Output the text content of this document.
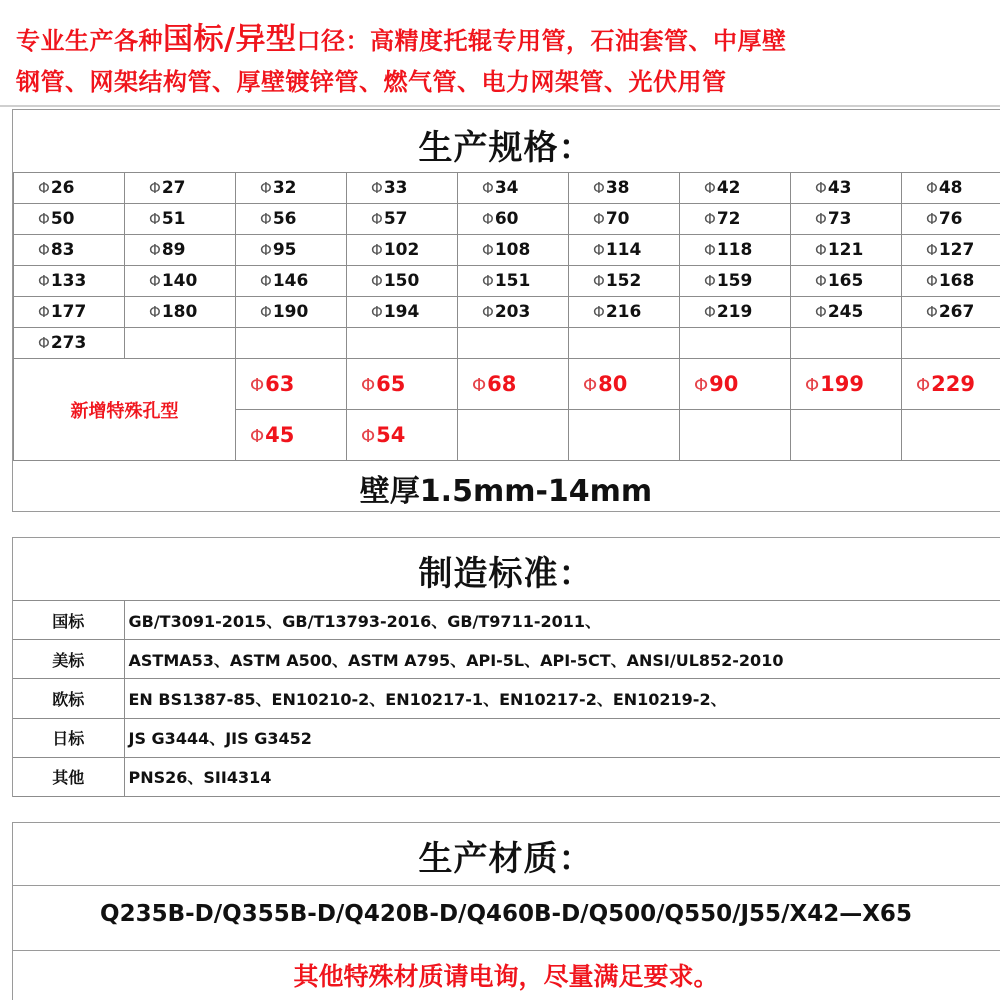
专业生产各种国标/异型口径：高精度托辊专用管，石油套管、中厚壁
钢管、网架结构管、厚壁镀锌管、燃气管、电力网架管、光伏用管
生产规格：
Φ26	Φ27	Φ32	Φ33	Φ34	Φ38	Φ42	Φ43	Φ48
Φ50	Φ51	Φ56	Φ57	Φ60	Φ70	Φ72	Φ73	Φ76
Φ83	Φ89	Φ95	Φ102	Φ108	Φ114	Φ118	Φ121	Φ127
Φ133	Φ140	Φ146	Φ150	Φ151	Φ152	Φ159	Φ165	Φ168
Φ177	Φ180	Φ190	Φ194	Φ203	Φ216	Φ219	Φ245	Φ267
Φ273								
新增特殊孔型		Φ63	Φ65	Φ68	Φ80	Φ90	Φ199	Φ229
		Φ45	Φ54					
壁厚1.5mm-14mm
制造标准：
国标	GB/T3091-2015、GB/T13793-2016、GB/T9711-2011、
美标	ASTMA53、ASTM A500、ASTM A795、API-5L、API-5CT、ANSI/UL852-2010
欧标	EN BS1387-85、EN10210-2、EN10217-1、EN10217-2、EN10219-2、
日标	JS G3444、JIS G3452
其他	PNS26、SII4314
生产材质：
Q235B-D/Q355B-D/Q420B-D/Q460B-D/Q500/Q550/J55/X42—X65
其他特殊材质请电询，尽量满足要求。
